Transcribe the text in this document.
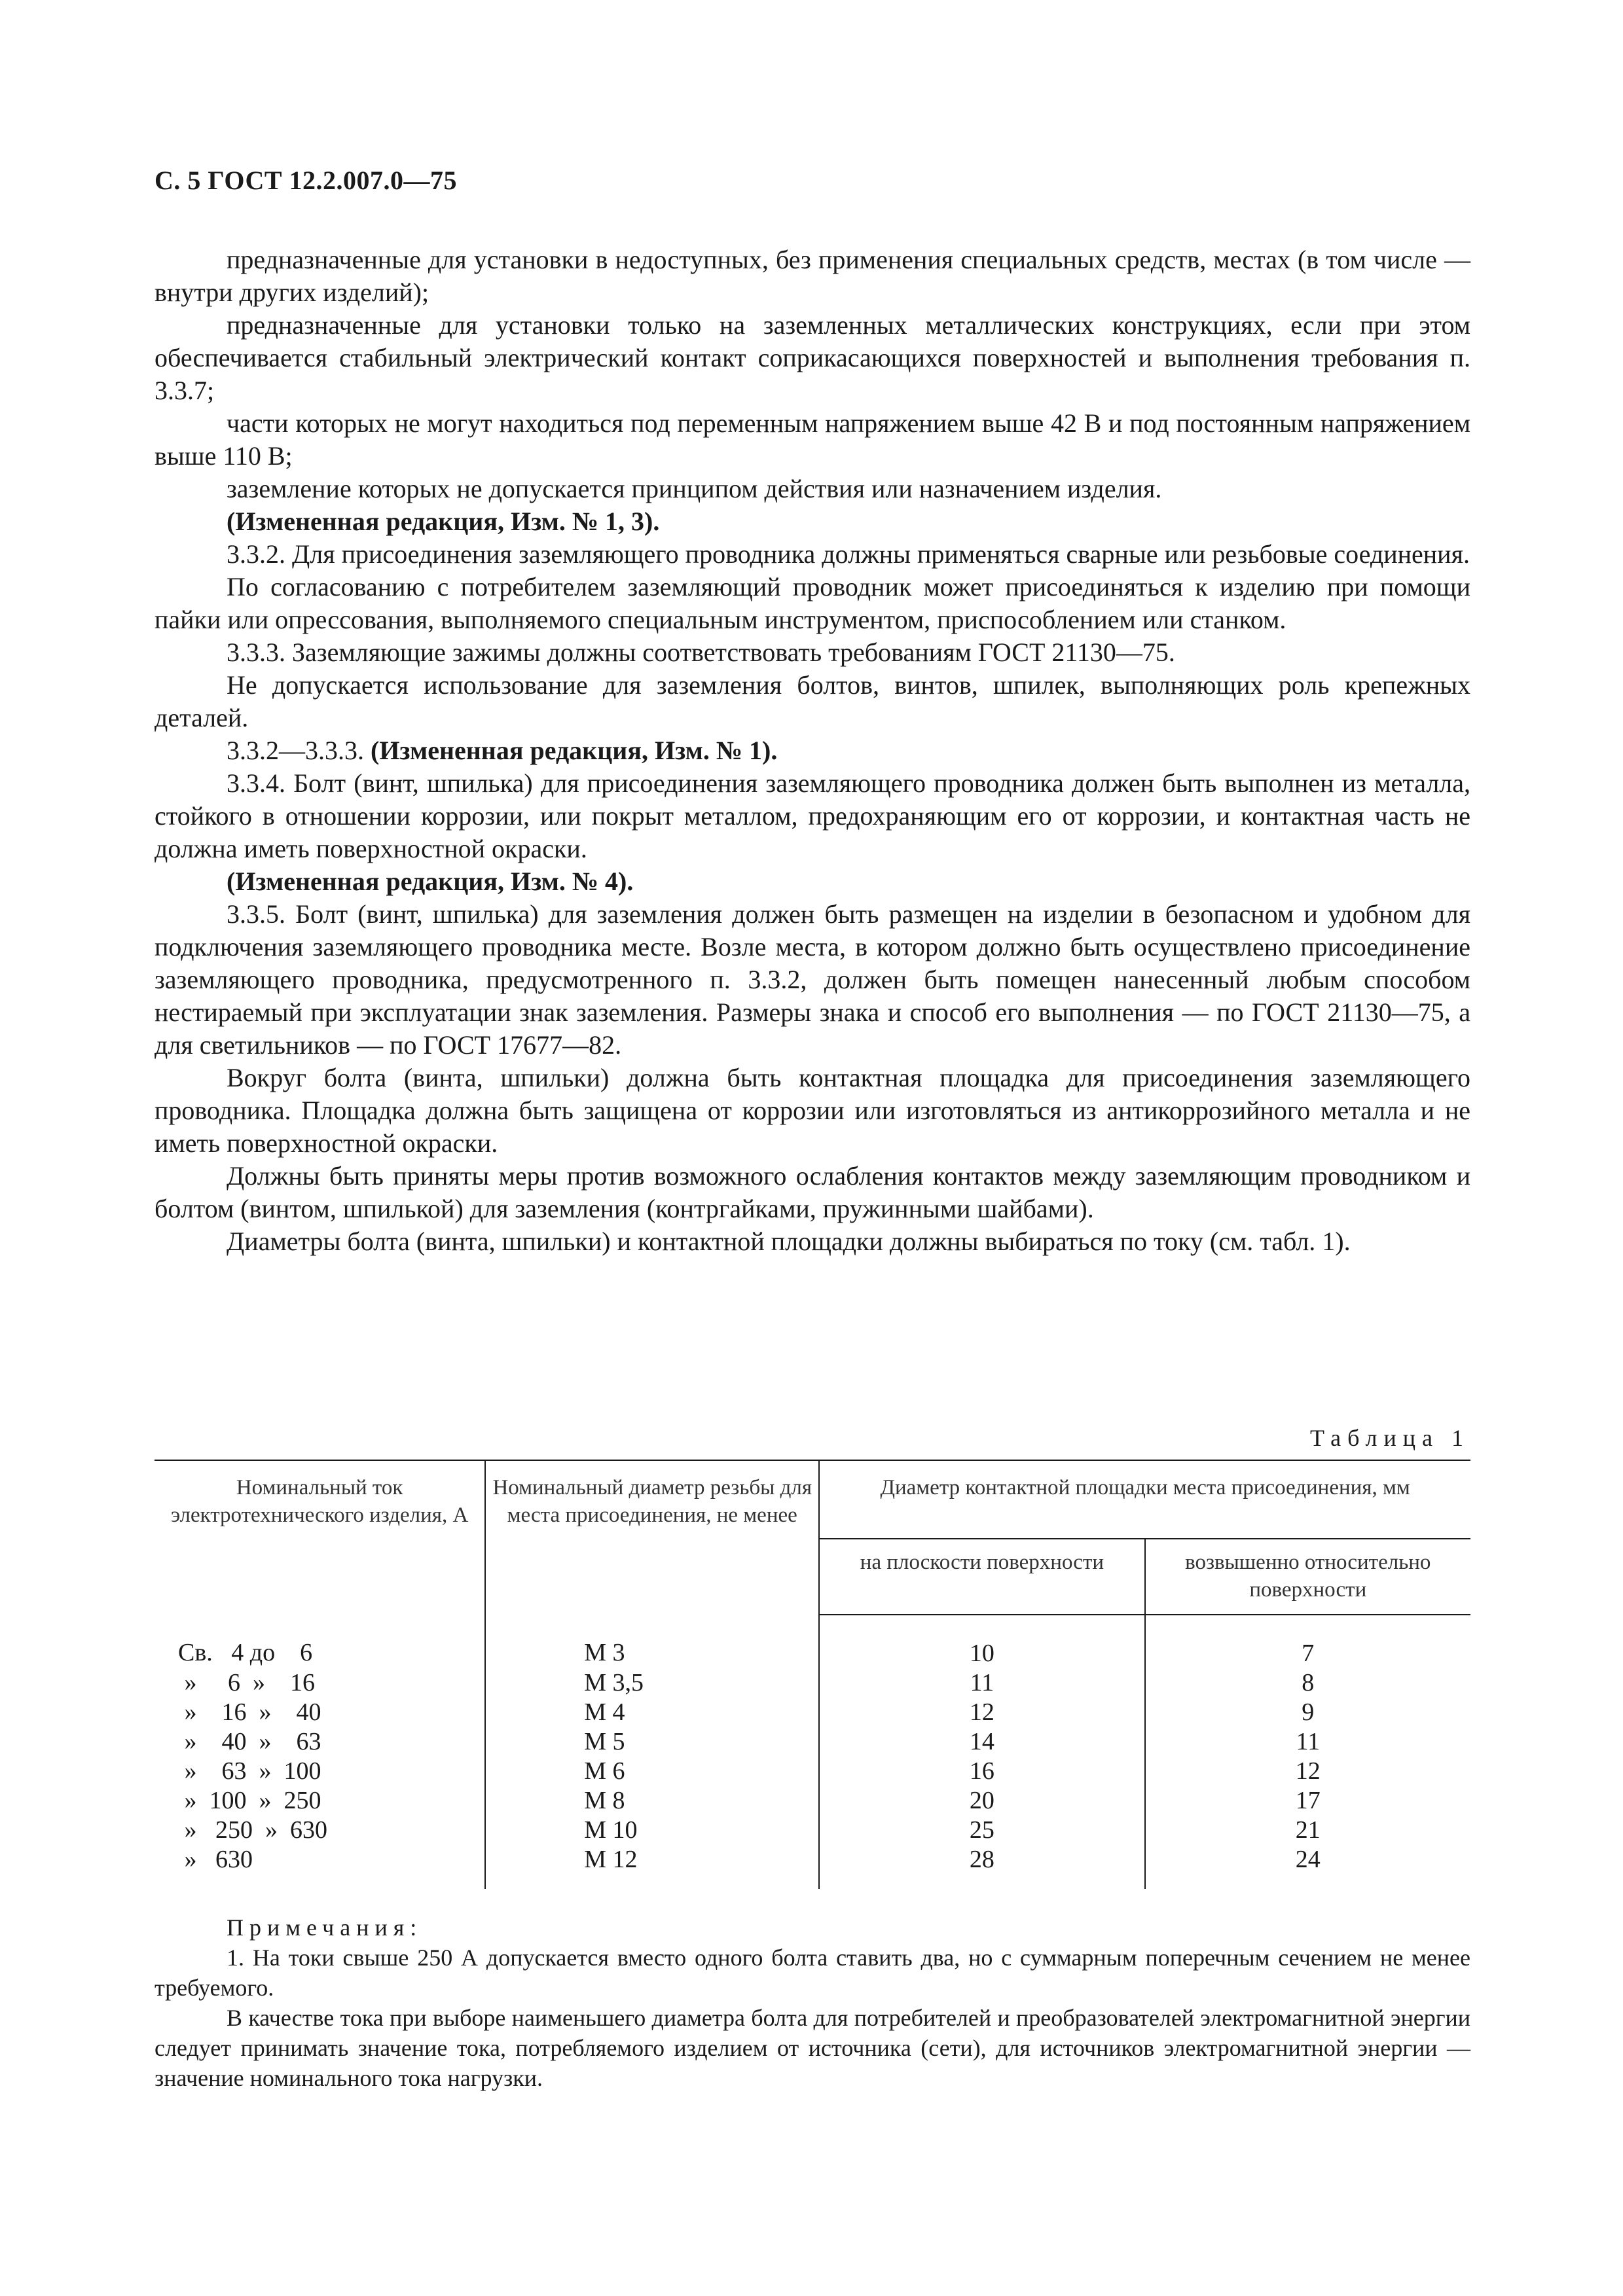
С. 5 ГОСТ 12.2.007.0—75

предназначенные для установки в недоступных, без применения специальных средств, местах (в том числе — внутри других изделий);

предназначенные для установки только на заземленных металлических конструкциях, если при этом обеспечивается стабильный электрический контакт соприкасающихся поверхностей и выполнения требования п. 3.3.7;

части которых не могут находиться под переменным напряжением выше 42 В и под постоянным напряжением выше 110 В;

заземление которых не допускается принципом действия или назначением изделия.

(Измененная редакция, Изм. № 1, 3).

3.3.2. Для присоединения заземляющего проводника должны применяться сварные или резьбовые соединения.

По согласованию с потребителем заземляющий проводник может присоединяться к изделию при помощи пайки или опрессования, выполняемого специальным инструментом, приспособлением или станком.

3.3.3. Заземляющие зажимы должны соответствовать требованиям ГОСТ 21130—75.

Не допускается использование для заземления болтов, винтов, шпилек, выполняющих роль крепежных деталей.

3.3.2—3.3.3. (Измененная редакция, Изм. № 1).

3.3.4. Болт (винт, шпилька) для присоединения заземляющего проводника должен быть выполнен из металла, стойкого в отношении коррозии, или покрыт металлом, предохраняющим его от коррозии, и контактная часть не должна иметь поверхностной окраски.

(Измененная редакция, Изм. № 4).

3.3.5. Болт (винт, шпилька) для заземления должен быть размещен на изделии в безопасном и удобном для подключения заземляющего проводника месте. Возле места, в котором должно быть осуществлено присоединение заземляющего проводника, предусмотренного п. 3.3.2, должен быть помещен нанесенный любым способом нестираемый при эксплуатации знак заземления. Размеры знака и способ его выполнения — по ГОСТ 21130—75, а для светильников — по ГОСТ 17677—82.

Вокруг болта (винта, шпильки) должна быть контактная площадка для присоединения заземляющего проводника. Площадка должна быть защищена от коррозии или изготовляться из антикоррозийного металла и не иметь поверхностной окраски.

Должны быть приняты меры против возможного ослабления контактов между заземляющим проводником и болтом (винтом, шпилькой) для заземления (контргайками, пружинными шайбами).

Диаметры болта (винта, шпильки) и контактной площадки должны выбираться по току (см. табл. 1).

Таблица 1
Номинальный ток электротехнического изделия, А	Номинальный диаметр резьбы для места присоединения, не менее	Диаметр контактной площадки места присоединения, мм	
		на плоскости поверхности	возвышенно относительно поверхности
Св.   4 до    6	М 3	10	7
»     6  »    16	М 3,5	11	8
»    16  »    40	М 4	12	9
»    40  »    63	М 5	14	11
»    63  »  100	М 6	16	12
»  100  »  250	М 8	20	17
»   250  »  630	М 10	25	21
»   630	М 12	28	24

Примечания:

1. На токи свыше 250 А допускается вместо одного болта ставить два, но с суммарным поперечным сечением не менее требуемого.

В качестве тока при выборе наименьшего диаметра болта для потребителей и преобразователей электромагнитной энергии следует принимать значение тока, потребляемого изделием от источника (сети), для источников электромагнитной энергии — значение номинального тока нагрузки.
